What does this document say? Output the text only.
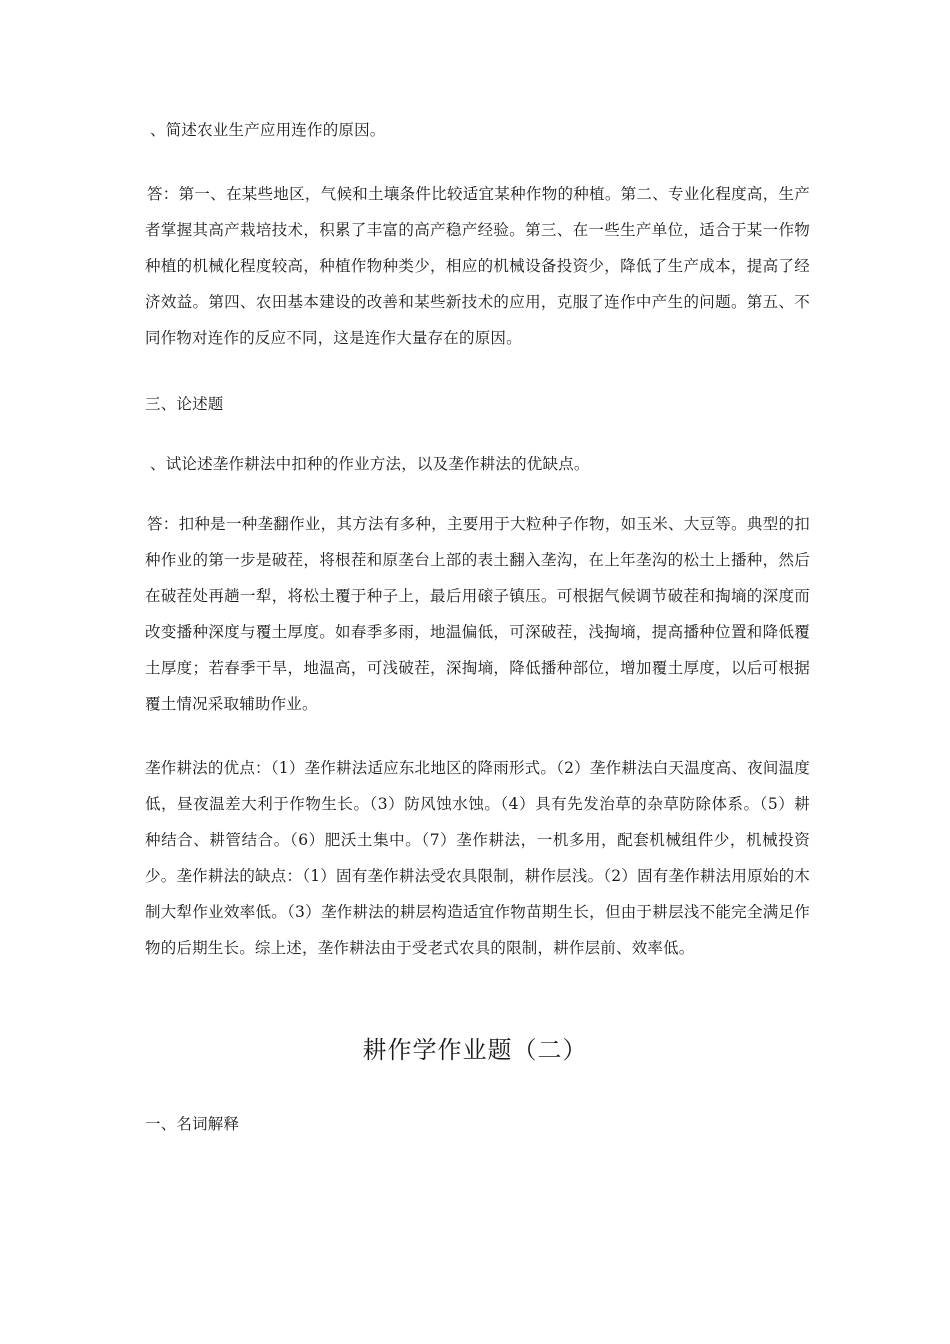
、简述农业生产应用连作的原因。
答：第一、在某些地区，气候和土壤条件比较适宜某种作物的种植。第二、专业化程度高，生产者掌握其高产栽培技术，积累了丰富的高产稳产经验。第三、在一些生产单位，适合于某一作物种植的机械化程度较高，种植作物种类少，相应的机械设备投资少，降低了生产成本，提高了经济效益。第四、农田基本建设的改善和某些新技术的应用，克服了连作中产生的问题。第五、不同作物对连作的反应不同，这是连作大量存在的原因。
三、论述题
、试论述垄作耕法中扣种的作业方法，以及垄作耕法的优缺点。
答：扣种是一种垄翻作业，其方法有多种，主要用于大粒种子作物，如玉米、大豆等。典型的扣种作业的第一步是破茬，将根茬和原垄台上部的表土翻入垄沟，在上年垄沟的松土上播种，然后在破茬处再趟一犁，将松土覆于种子上，最后用磙子镇压。可根据气候调节破茬和掏墒的深度而改变播种深度与覆土厚度。如春季多雨，地温偏低，可深破茬，浅掏墒，提高播种位置和降低覆土厚度；若春季干旱，地温高，可浅破茬，深掏墒，降低播种部位，增加覆土厚度，以后可根据覆土情况采取辅助作业。
垄作耕法的优点：（1）垄作耕法适应东北地区的降雨形式。（2）垄作耕法白天温度高、夜间温度低，昼夜温差大利于作物生长。（3）防风蚀水蚀。（4）具有先发治草的杂草防除体系。（5）耕种结合、耕管结合。（6）肥沃土集中。（7）垄作耕法，一机多用，配套机械组件少，机械投资少。垄作耕法的缺点：（1）固有垄作耕法受农具限制，耕作层浅。（2）固有垄作耕法用原始的木制大犁作业效率低。（3）垄作耕法的耕层构造适宜作物苗期生长，但由于耕层浅不能完全满足作物的后期生长。综上述，垄作耕法由于受老式农具的限制，耕作层前、效率低。
耕作学作业题（二）
一、名词解释
